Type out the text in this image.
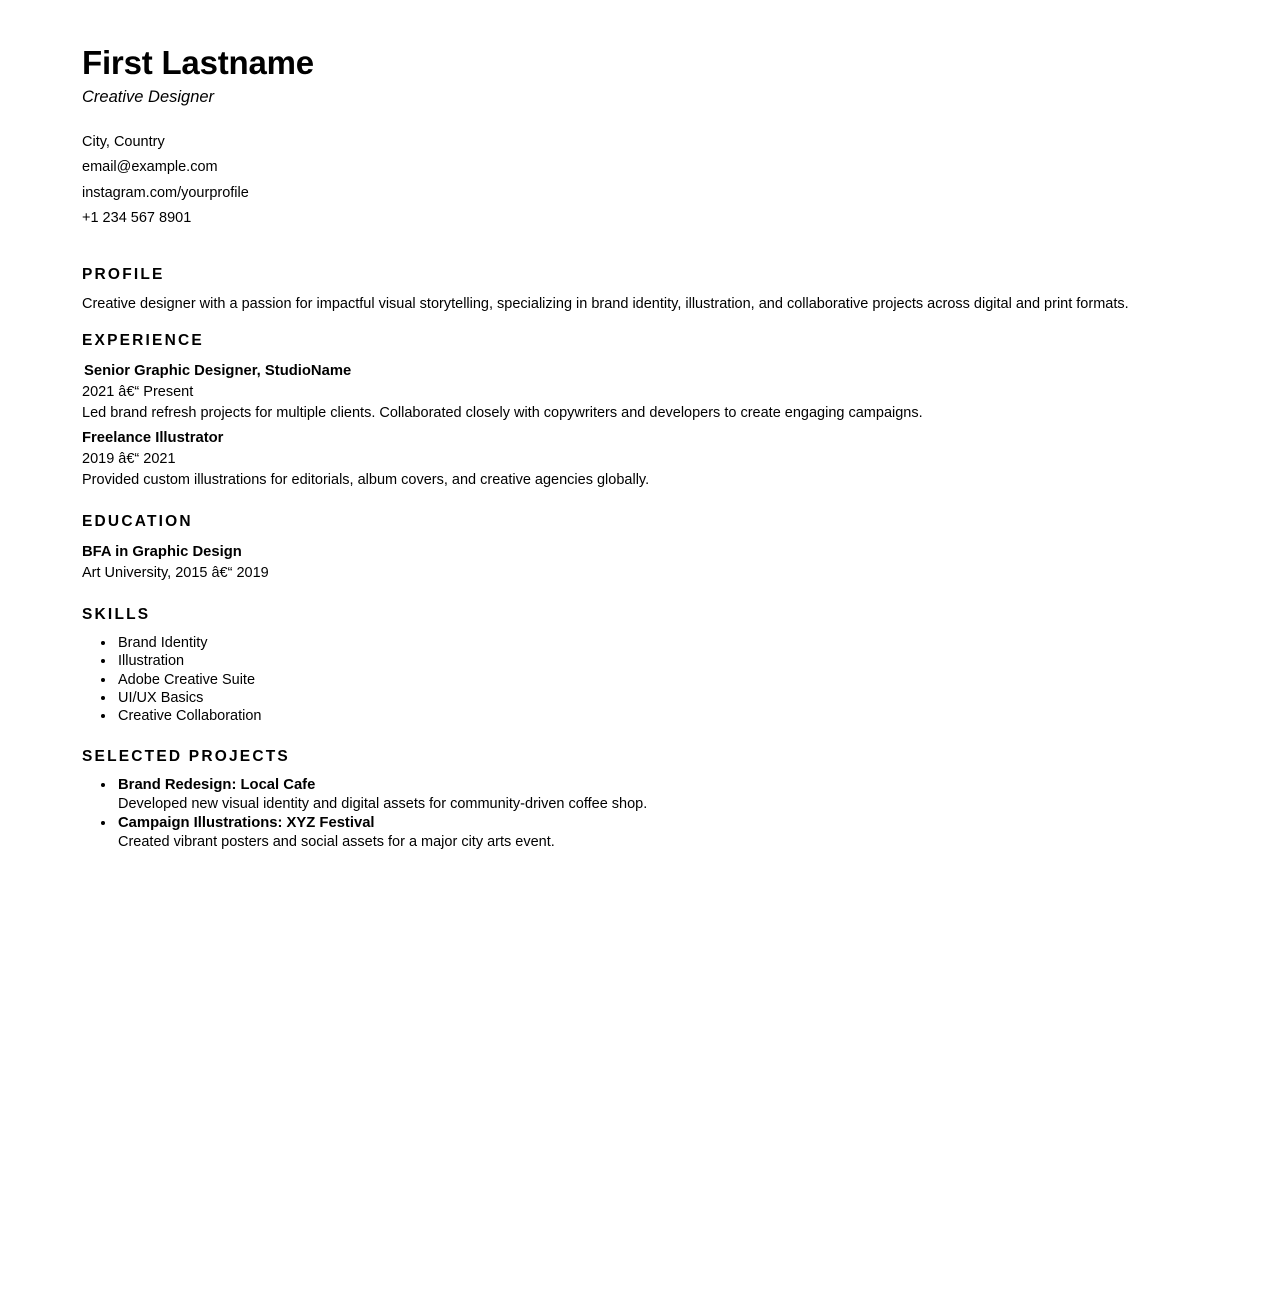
First Lastname
Creative Designer
City, Country
email@example.com
instagram.com/yourprofile
+1 234 567 8901
PROFILE

Creative designer with a passion for impactful visual storytelling, specializing in brand identity, illustration, and collaborative projects across digital and print formats.

EXPERIENCE
Senior Graphic Designer, StudioName
2021 â€“ Present
Led brand refresh projects for multiple clients. Collaborated closely with copywriters and developers to create engaging campaigns.
Freelance Illustrator
2019 â€“ 2021
Provided custom illustrations for editorials, album covers, and creative agencies globally.
EDUCATION
BFA in Graphic Design
Art University, 2015 â€“ 2019
SKILLS
• Brand Identity
• Illustration
• Adobe Creative Suite
• UI/UX Basics
• Creative Collaboration
SELECTED PROJECTS
• Brand Redesign: Local Cafe
Developed new visual identity and digital assets for community-driven coffee shop.
• Campaign Illustrations: XYZ Festival
Created vibrant posters and social assets for a major city arts event.
